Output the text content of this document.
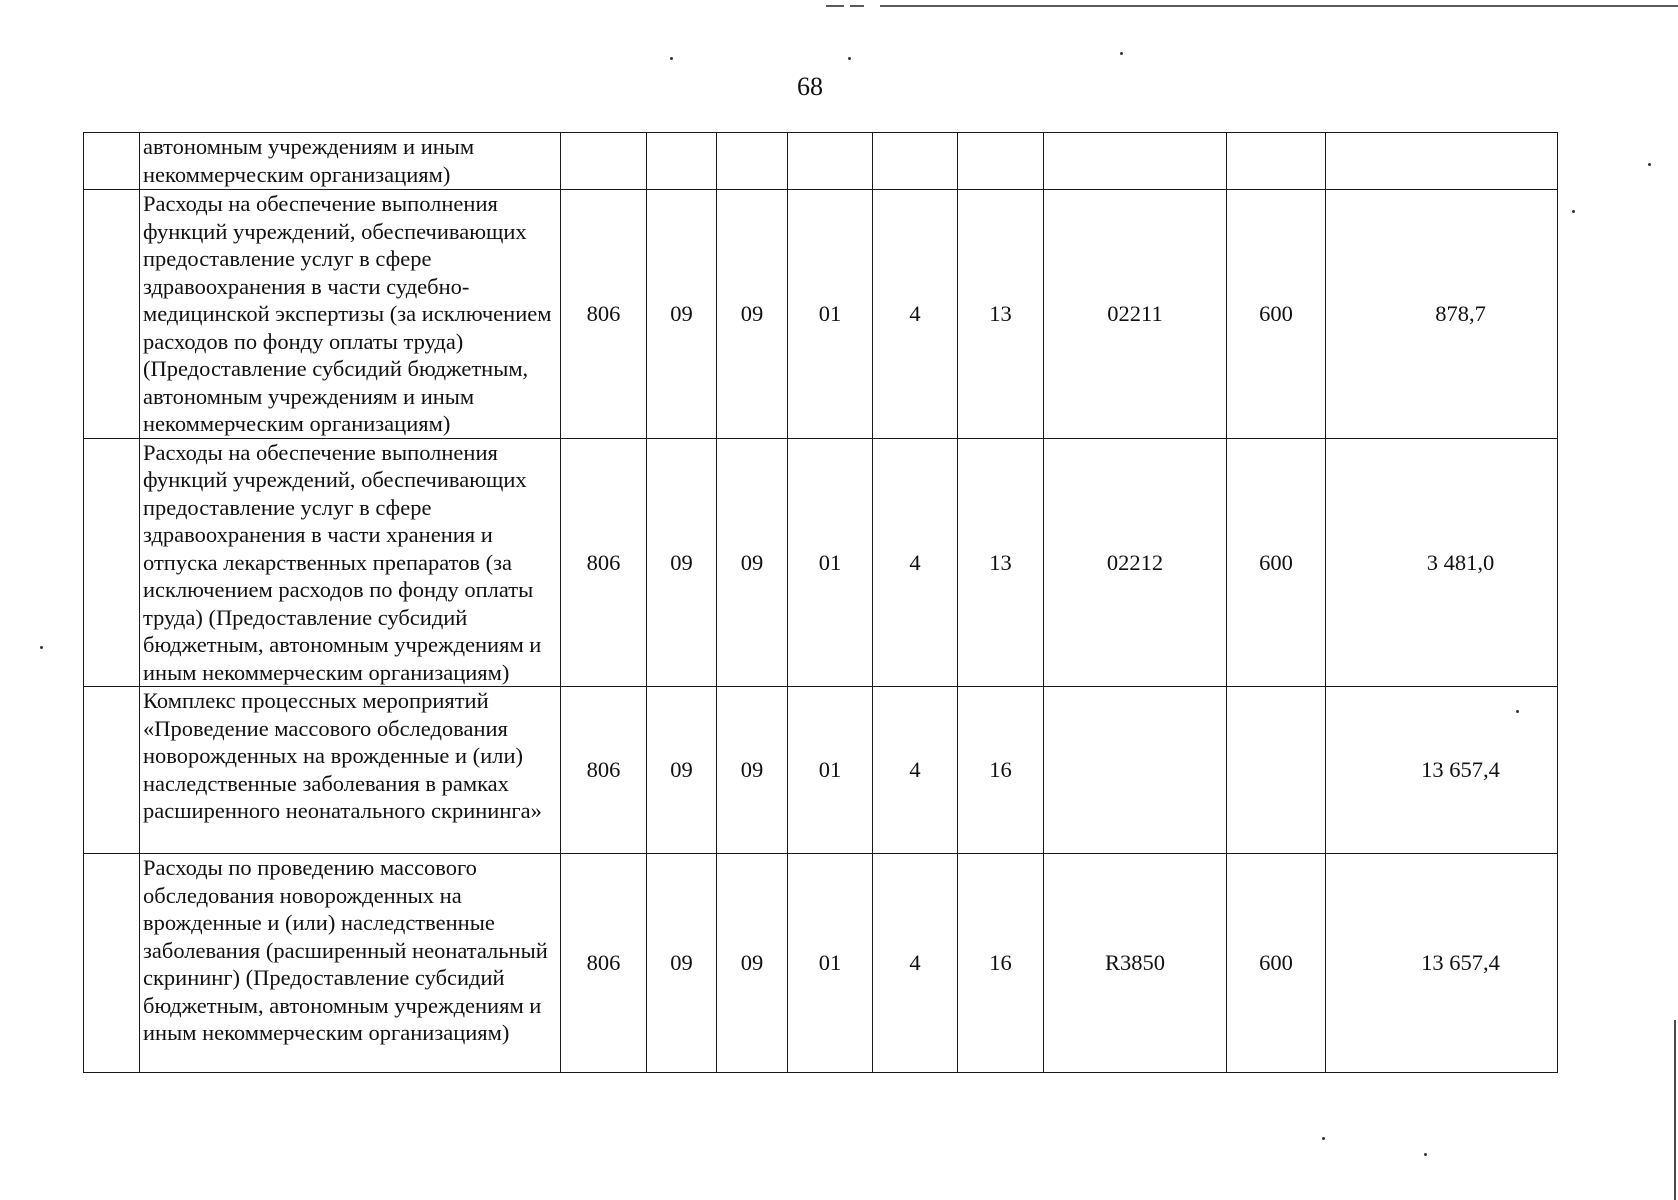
68
	автономным учреждениям и иным некоммерческим организациям)									
	Расходы на обеспечение выполнения функций учреждений, обеспечивающих предоставление услуг в сфере здравоохранения в части судебно-медицинской экспертизы (за исключением расходов по фонду оплаты труда) (Предоставление субсидий бюджетным, автономным учреждениям и иным некоммерческим организациям)	806	09	09	01	4	13	02211	600	878,7
	Расходы на обеспечение выполнения функций учреждений, обеспечивающих предоставление услуг в сфере здравоохранения в части хранения и отпуска лекарственных препаратов (за исключением расходов по фонду оплаты труда) (Предоставление субсидий бюджетным, автономным учреждениям и иным некоммерческим организациям)	806	09	09	01	4	13	02212	600	3 481,0
	Комплекс процессных мероприятий «Проведение массового обследования новорожденных на врожденные и (или) наследственные заболевания в рамках расширенного неонатального скрининга»	806	09	09	01	4	16			13 657,4
	Расходы по проведению массового обследования новорожденных на врожденные и (или) наследственные заболевания (расширенный неонатальный скрининг) (Предоставление субсидий бюджетным, автономным учреждениям и иным некоммерческим организациям)	806	09	09	01	4	16	R3850	600	13 657,4
